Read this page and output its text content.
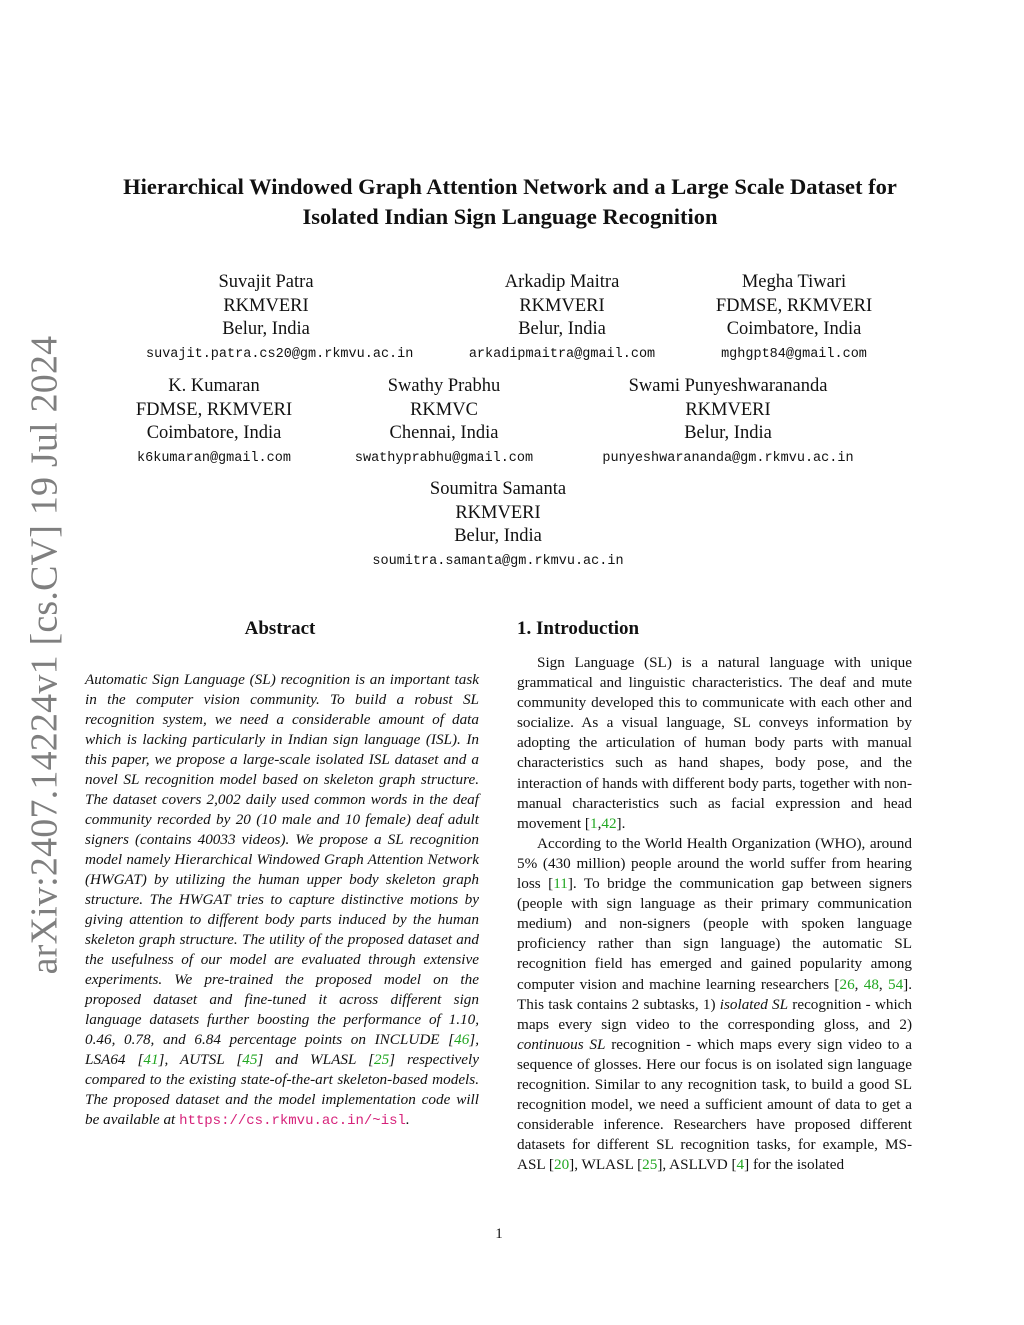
arXiv:2407.14224v1 [cs.CV] 19 Jul 2024
Hierarchical Windowed Graph Attention Network and a Large Scale Dataset for
Isolated Indian Sign Language Recognition
Suvajit Patra
RKMVERI
Belur, India
suvajit.patra.cs20@gm.rkmvu.ac.in
Arkadip Maitra
RKMVERI
Belur, India
arkadipmaitra@gmail.com
Megha Tiwari
FDMSE, RKMVERI
Coimbatore, India
mghgpt84@gmail.com
K. Kumaran
FDMSE, RKMVERI
Coimbatore, India
k6kumaran@gmail.com
Swathy Prabhu
RKMVC
Chennai, India
swathyprabhu@gmail.com
Swami Punyeshwarananda
RKMVERI
Belur, India
punyeshwarananda@gm.rkmvu.ac.in
Soumitra Samanta
RKMVERI
Belur, India
soumitra.samanta@gm.rkmvu.ac.in
Abstract
Automatic Sign Language (SL) recognition is an important task in the computer vision community. To build a robust SL recognition system, we need a considerable amount of data which is lacking particularly in Indian sign language (ISL). In this paper, we propose a large-scale isolated ISL dataset and a novel SL recognition model based on skeleton graph structure. The dataset covers 2,002 daily used common words in the deaf community recorded by 20 (10 male and 10 female) deaf adult signers (contains 40033 videos). We propose a SL recognition model namely Hierarchical Windowed Graph Attention Network (HWGAT) by utilizing the human upper body skeleton graph structure. The HWGAT tries to capture distinctive motions by giving attention to different body parts induced by the human skeleton graph structure. The utility of the proposed dataset and the usefulness of our model are evaluated through extensive experiments. We pre-trained the proposed model on the proposed dataset and fine-tuned it across different sign language datasets further boosting the performance of 1.10, 0.46, 0.78, and 6.84 percentage points on INCLUDE [46], LSA64 [41], AUTSL [45] and WLASL [25] respectively compared to the existing state-of-the-art skeleton-based models. The proposed dataset and the model implementation code will be available at https://cs.rkmvu.ac.in/~isl.
1. Introduction

Sign Language (SL) is a natural language with unique grammatical and linguistic characteristics. The deaf and mute community developed this to communicate with each other and socialize. As a visual language, SL conveys information by adopting the articulation of human body parts with manual characteristics such as hand shapes, body pose, and the interaction of hands with different body parts, together with non-manual characteristics such as facial expression and head movement [1,42].

According to the World Health Organization (WHO), around 5% (430 million) people around the world suffer from hearing loss [11]. To bridge the communication gap between signers (people with sign language as their primary communication medium) and non-signers (people with spoken language proficiency rather than sign language) the automatic SL recognition field has emerged and gained popularity among computer vision and machine learning researchers [26, 48, 54]. This task contains 2 subtasks, 1) isolated SL recognition - which maps every sign video to the corresponding gloss, and 2) continuous SL recognition - which maps every sign video to a sequence of glosses. Here our focus is on isolated sign language recognition. Similar to any recognition task, to build a good SL recognition model, we need a sufficient amount of data to get a considerable inference. Researchers have proposed different datasets for different SL recognition tasks, for example, MS-ASL [20], WLASL [25], ASLLVD [4] for the isolated

1
